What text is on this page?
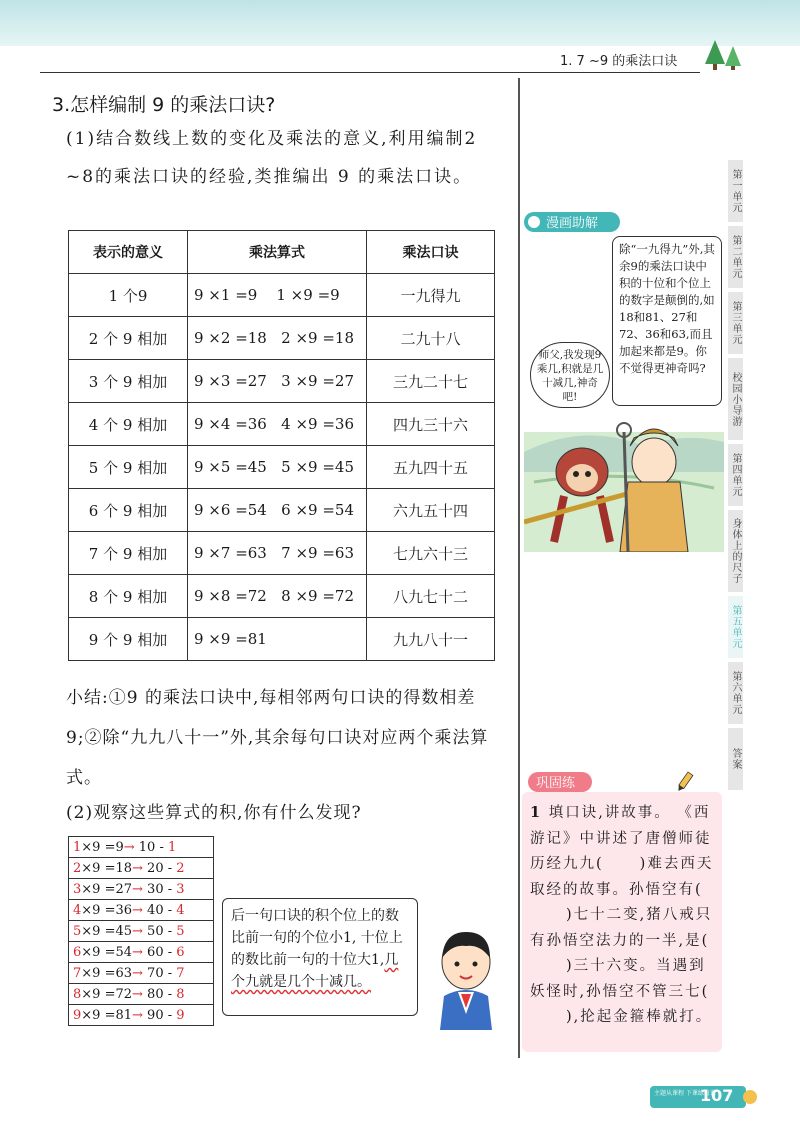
1. 7 ~9 的乘法口诀
3.怎样编制 9 的乘法口诀?
(1)结合数线上数的变化及乘法的意义,利用编制2 ~8的乘法口诀的经验,类推编出 9 的乘法口诀。
表示的意义	乘法算式	乘法口诀
1 个9	9 ×1 =9    1 ×9 =9	一九得九
2 个 9 相加	9 ×2 =18   2 ×9 =18	二九十八
3 个 9 相加	9 ×3 =27   3 ×9 =27	三九二十七
4 个 9 相加	9 ×4 =36   4 ×9 =36	四九三十六
5 个 9 相加	9 ×5 =45   5 ×9 =45	五九四十五
6 个 9 相加	9 ×6 =54   6 ×9 =54	六九五十四
7 个 9 相加	9 ×7 =63   7 ×9 =63	七九六十三
8 个 9 相加	9 ×8 =72   8 ×9 =72	八九七十二
9 个 9 相加	9 ×9 =81	九九八十一
小结:①9 的乘法口诀中,每相邻两句口诀的得数相差 9;②除“九九八十一”外,其余每句口诀对应两个乘法算式。
(2)观察这些算式的积,你有什么发现?
1×9 =9→ 10 - 1
2×9 =18→ 20 - 2
3×9 =27→ 30 - 3
4×9 =36→ 40 - 4
5×9 =45→ 50 - 5
6×9 =54→ 60 - 6
7×9 =63→ 70 - 7
8×9 =72→ 80 - 8
9×9 =81→ 90 - 9
后一句口诀的积个位上的数比前一句的个位小1, 十位上的数比前一句的十位大1,几个九就是几个十减几。
漫画助解
除“一九得九”外,其余9的乘法口诀中积的十位和个位上的数字是颠倒的,如18和81、27和72、36和63,而且加起来都是9。你不觉得更神奇吗?
师父,我发现9乘几,积就是几十减几,神奇吧!
第一单元
第二单元
第三单元
校园小导游
第四单元
身体上的尺子
第五单元
第六单元
答案
巩固练
1 填口诀,讲故事。 《西游记》中讲述了唐僧师徒历经九九( )难去西天取经的故事。孙悟空有()七十二变,猪八戒只有孙悟空法力的一半,是()三十六变。当遇到妖怪时,孙悟空不管三七(),抡起金箍棒就打。
主题从课程 下课练习课
107
